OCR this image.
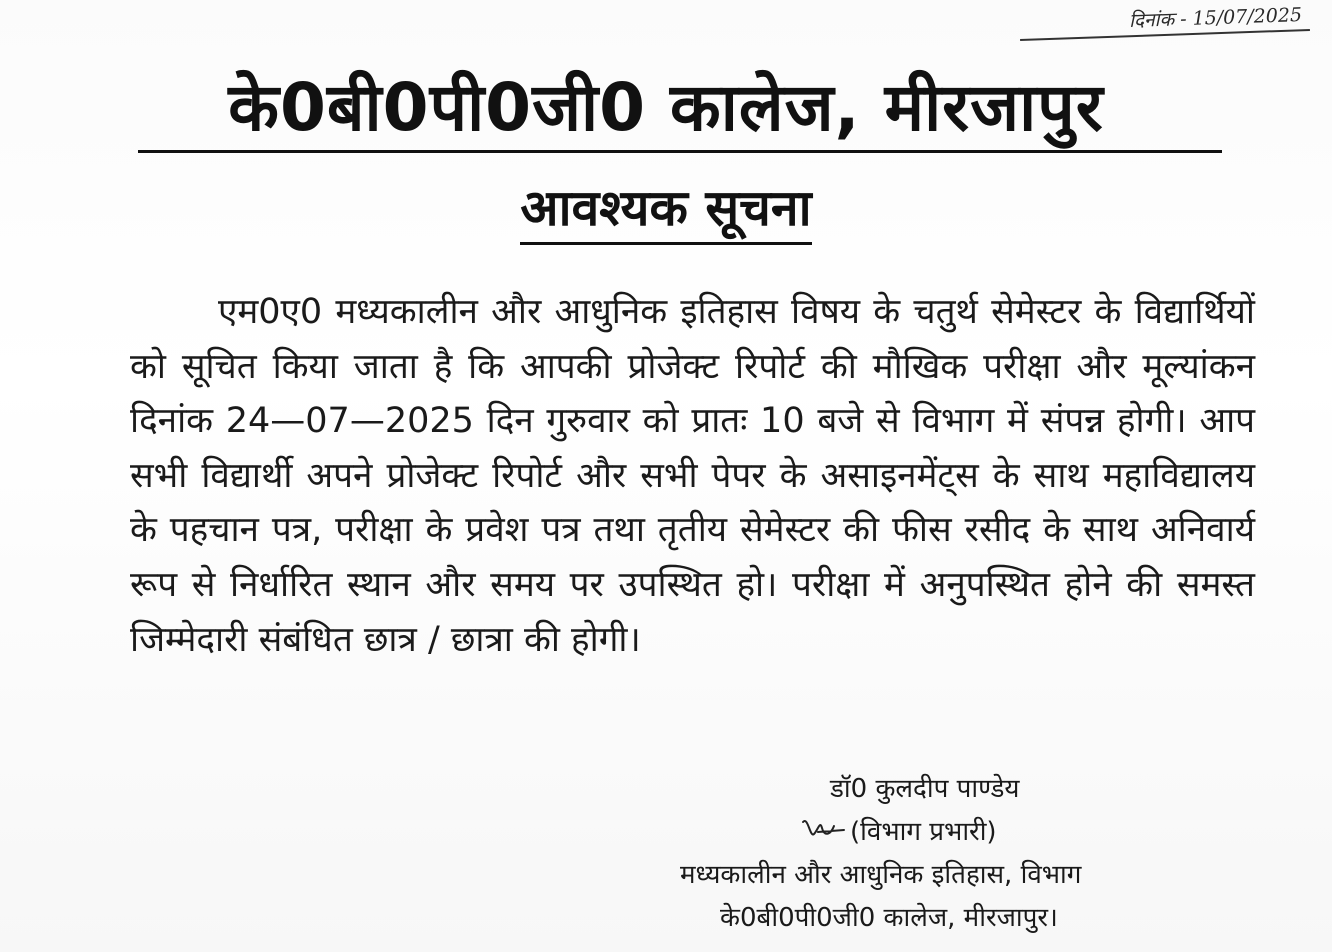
दिनांक - 15/07/2025
के0बी0पी0जी0 कालेज, मीरजापुर
आवश्यक सूचना

एम0ए0 मध्यकालीन और आधुनिक इतिहास विषय के चतुर्थ सेमेस्टर के विद्यार्थियों को सूचित किया जाता है कि आपकी प्रोजेक्ट रिपोर्ट की मौखिक परीक्षा और मूल्यांकन दिनांक 24—07—2025 दिन गुरुवार को प्रातः 10 बजे से विभाग में संपन्न होगी। आप सभी विद्यार्थी अपने प्रोजेक्ट रिपोर्ट और सभी पेपर के असाइनमेंट्स के साथ महाविद्यालय के पहचान पत्र, परीक्षा के प्रवेश पत्र तथा तृतीय सेमेस्टर की फीस रसीद के साथ अनिवार्य रूप से निर्धारित स्थान और समय पर उपस्थित हो। परीक्षा में अनुपस्थित होने की समस्त जिम्मेदारी संबंधित छात्र / छात्रा की होगी।

डॉ0 कुलदीप पाण्डेय
(विभाग प्रभारी)
मध्यकालीन और आधुनिक इतिहास, विभाग
के0बी0पी0जी0 कालेज, मीरजापुर।
